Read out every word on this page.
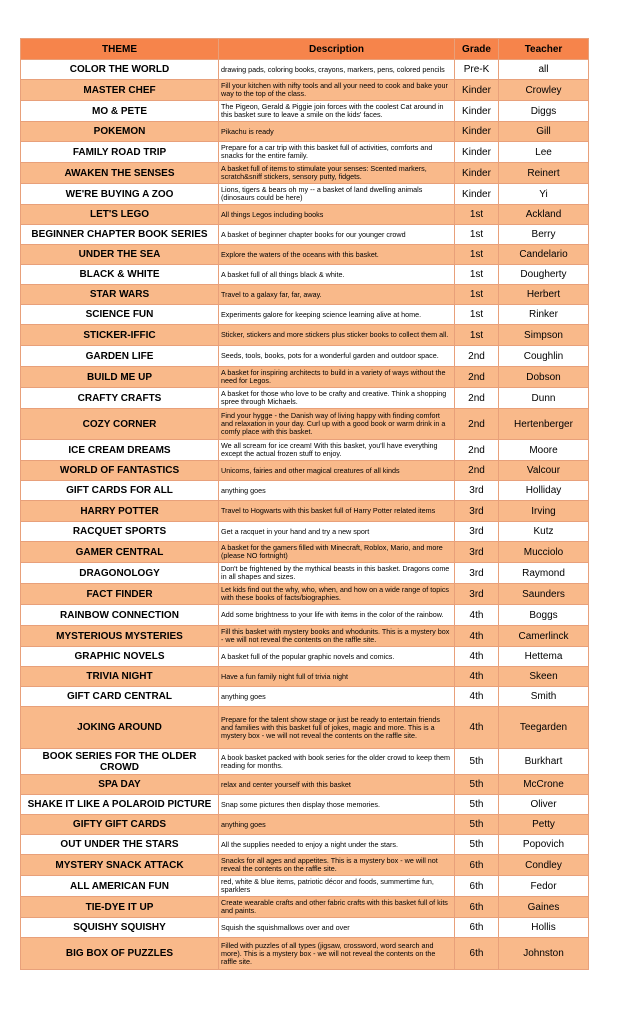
THEME	Description	Grade	Teacher
COLOR THE WORLD	drawing pads, coloring books, crayons, markers, pens, colored pencils	Pre-K	all
MASTER CHEF	Fill your kitchen with nifty tools and all your need to cook and bake your way to the top of the class.	Kinder	Crowley
MO & PETE	The Pigeon, Gerald & Piggie join forces with the coolest Cat around in this basket sure to leave a smile on the kids' faces.	Kinder	Diggs
POKEMON	Pikachu is ready	Kinder	Gill
FAMILY ROAD TRIP	Prepare for a car trip with this basket full of activities, comforts and snacks for the entire family.	Kinder	Lee
AWAKEN THE SENSES	A basket full of items to stimulate your senses: Scented markers, scratch&sniff stickers, sensory putty, fidgets.	Kinder	Reinert
WE'RE BUYING A ZOO	Lions, tigers & bears oh my -- a basket of land dwelling animals (dinosaurs could be here)	Kinder	Yi
LET'S LEGO	All things Legos including books	1st	Ackland
BEGINNER CHAPTER BOOK SERIES	A basket of beginner chapter books for our younger crowd	1st	Berry
UNDER THE SEA	Explore the waters of the oceans with this basket.	1st	Candelario
BLACK & WHITE	A basket full of all things black & white.	1st	Dougherty
STAR WARS	Travel to a galaxy far, far, away.	1st	Herbert
SCIENCE FUN	Experiments galore for keeping science learning alive at home.	1st	Rinker
STICKER-IFFIC	Sticker, stickers and more stickers plus sticker books to collect them all.	1st	Simpson
GARDEN LIFE	Seeds, tools, books, pots for a wonderful garden and outdoor space.	2nd	Coughlin
BUILD ME UP	A basket for inspiring architects to build in a variety of ways without the need for Legos.	2nd	Dobson
CRAFTY CRAFTS	A basket for those who love to be crafty and creative. Think a shopping spree through Michaels.	2nd	Dunn
COZY CORNER	Find your hygge - the Danish way of living happy with finding comfort and relaxation in your day. Curl up with a good book or warm drink in a comfy place with this basket.	2nd	Hertenberger
ICE CREAM DREAMS	We all scream for ice cream! With this basket, you'll have everything except the actual frozen stuff to enjoy.	2nd	Moore
WORLD OF FANTASTICS	Unicorns, fairies and other magical creatures of all kinds	2nd	Valcour
GIFT CARDS FOR ALL	anything goes	3rd	Holliday
HARRY POTTER	Travel to Hogwarts with this basket full of Harry Potter related items	3rd	Irving
RACQUET SPORTS	Get a racquet in your hand and try a new sport	3rd	Kutz
GAMER CENTRAL	A basket for the gamers filled with Minecraft, Roblox, Mario, and more (please NO fortnight)	3rd	Mucciolo
DRAGONOLOGY	Don't be frightened by the mythical beasts in this basket. Dragons come in all shapes and sizes.	3rd	Raymond
FACT FINDER	Let kids find out the why, who, when, and how on a wide range of topics with these books of facts/biographies.	3rd	Saunders
RAINBOW CONNECTION	Add some brightness to your life with items in the color of the rainbow.	4th	Boggs
MYSTERIOUS MYSTERIES	Fill this basket with mystery books and whodunits. This is a mystery box - we will not reveal the contents on the raffle site.	4th	Camerlinck
GRAPHIC NOVELS	A basket full of the popular graphic novels and comics.	4th	Hettema
TRIVIA NIGHT	Have a fun family night full of trivia night	4th	Skeen
GIFT CARD CENTRAL	anything goes	4th	Smith
JOKING AROUND	Prepare for the talent show stage or just be ready to entertain friends and families with this basket full of jokes, magic and more. This is a mystery box - we will not reveal the contents on the raffle site.	4th	Teegarden
BOOK SERIES FOR THE OLDER CROWD	A book basket packed with book series for the older crowd to keep them reading for months.	5th	Burkhart
SPA DAY	relax and center yourself with this basket	5th	McCrone
SHAKE IT LIKE A POLAROID PICTURE	Snap some pictures then display those memories.	5th	Oliver
GIFTY GIFT CARDS	anything goes	5th	Petty
OUT UNDER THE STARS	All the supplies needed to enjoy a night under the stars.	5th	Popovich
MYSTERY SNACK ATTACK	Snacks for all ages and appetites. This is a mystery box - we will not reveal the contents on the raffle site.	6th	Condley
ALL AMERICAN FUN	red, white & blue items, patriotic décor and foods, summertime fun, sparklers	6th	Fedor
TIE-DYE IT UP	Create wearable crafts and other fabric crafts with this basket full of kits and paints.	6th	Gaines
SQUISHY SQUISHY	Squish the squishmallows over and over	6th	Hollis
BIG BOX OF PUZZLES	Filled with puzzles of all types (jigsaw, crossword, word search and more). This is a mystery box - we will not reveal the contents on the raffle site.	6th	Johnston
